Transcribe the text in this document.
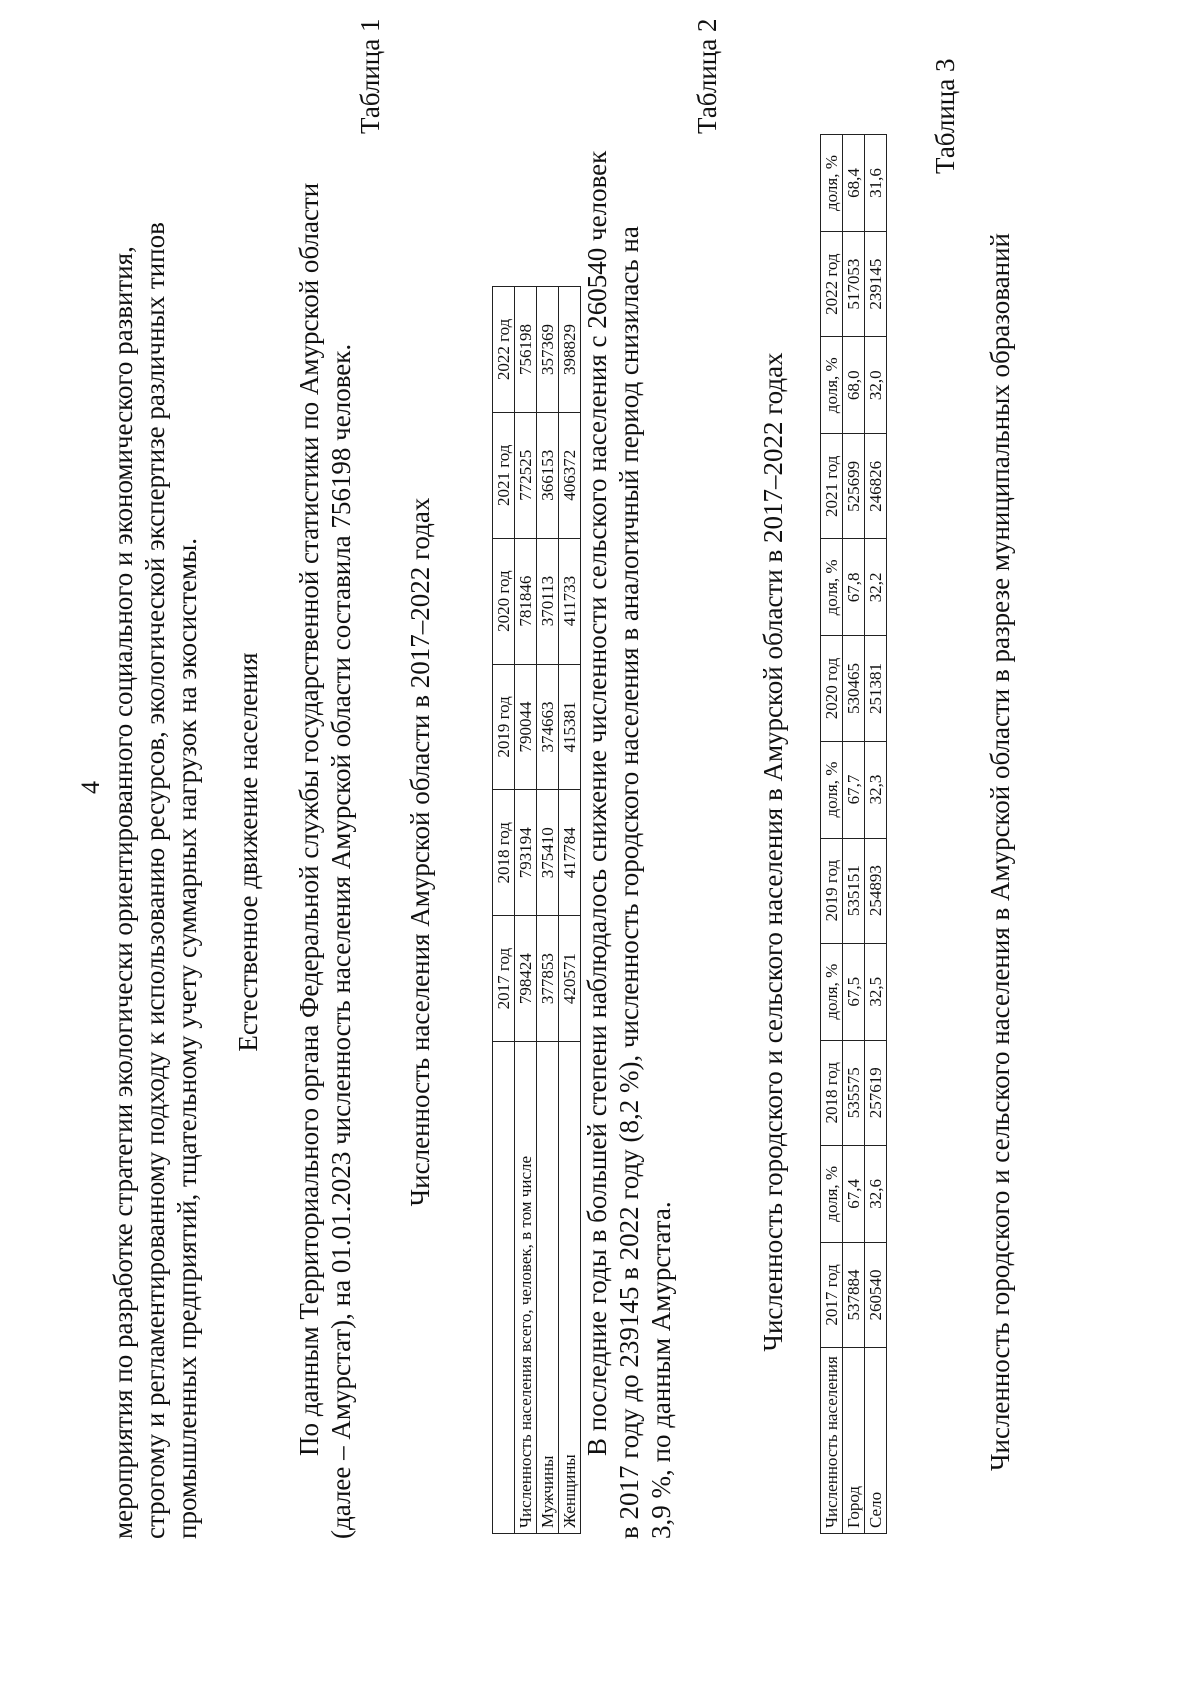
4 мероприятия по разработке стратегии экологически ориентированного социального и экономического развития, строгому и регламентированному подходу к использованию ресурсов, экологической экспертизе различных типов промышленных предприятий, тщательному учету суммарных нагрузок на экосистемы. Естественное движение населения По данным Территориального органа Федеральной службы государственной статистики по Амурской области (далее – Амурстат), на 01.01.2023 численность населения Амурской области составила 756198 человек.
Таблица 1
Численность населения Амурской области в 2017–2022 годах
		2017 год	2018 год	2019 год	2020 год	2021 год	2022 год
Численность населения всего, человек, в том числе	798424	793194	790044	781846	772525	756198
Мужчины	377853	375410	374663	370113	366153	357369
Женщины	420571	417784	415381	411733	406372	398829 В последние годы в большей степени наблюдалось снижение численности сельского населения с 260540 человек в 2017 году до 239145 в 2022 году (8,2 %), численность городского населения в аналогичный период снизилась на 3,9 %, по данным Амурстата.
Таблица 2
Численность городского и сельского населения в Амурской области в 2017–2022 годах
Численность населения	2017 год	доля, %	2018 год	доля, %	2019 год	доля, %	2020 год	доля, %	2021 год	доля, %	2022 год	доля, %
Город	537884	67,4	535575	67,5	535151	67,7	530465	67,8	525699	68,0	517053	68,4
Село	260540	32,6	257619	32,5	254893	32,3	251381	32,2	246826	32,0	239145	31,6
Таблица 3
Численность городского и сельского населения в Амурской области в разрезе муниципальных образований
